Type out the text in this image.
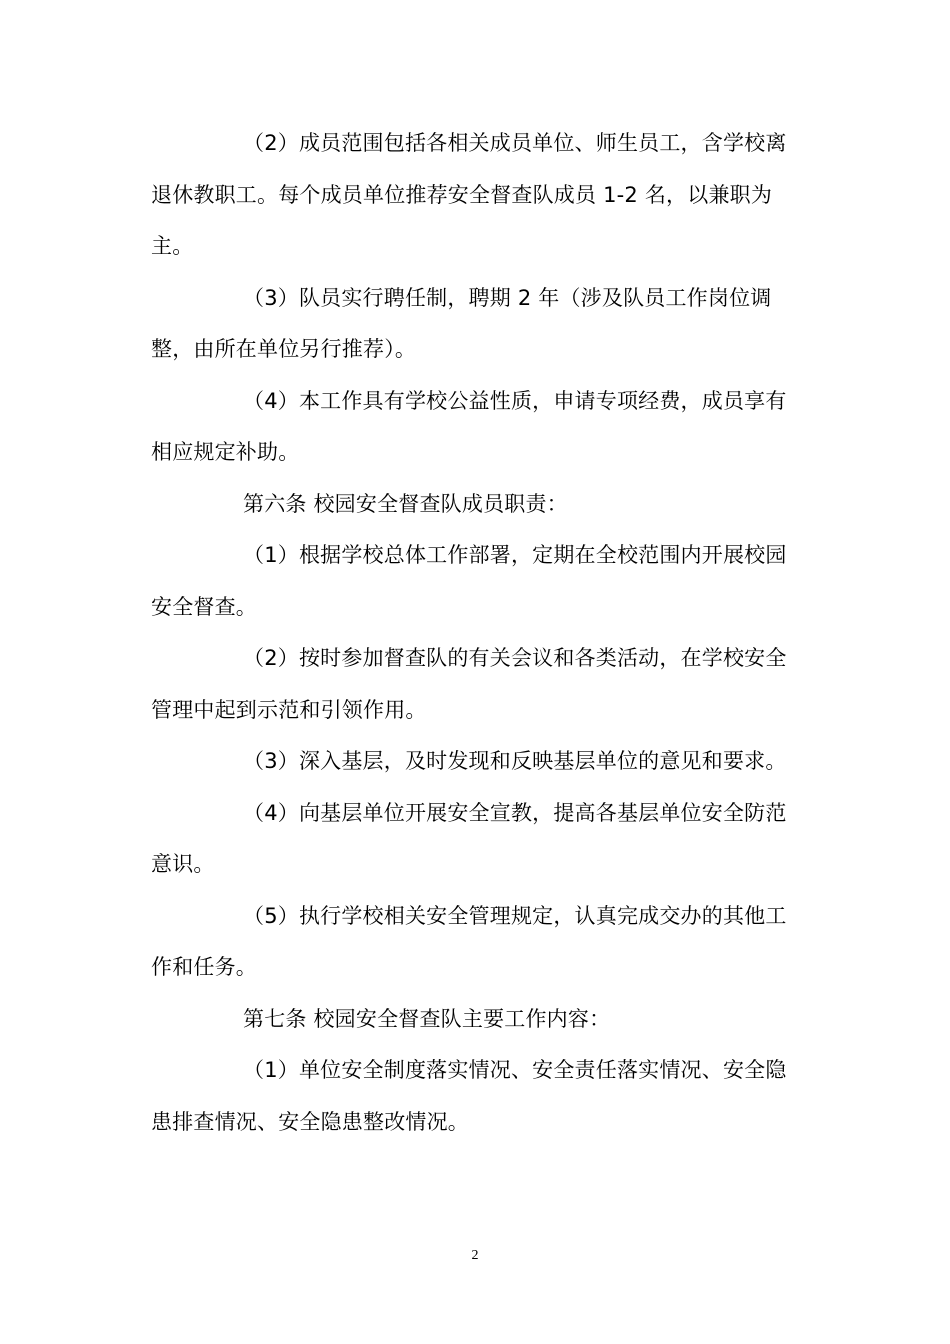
（2）成员范围包括各相关成员单位、师生员工，含学校离退休教职工。每个成员单位推荐安全督查队成员 1-2 名，以兼职为主。

（3）队员实行聘任制，聘期 2 年（涉及队员工作岗位调整，由所在单位另行推荐）。

（4）本工作具有学校公益性质，申请专项经费，成员享有相应规定补助。

第六条 校园安全督查队成员职责：

（1）根据学校总体工作部署，定期在全校范围内开展校园安全督查。

（2）按时参加督查队的有关会议和各类活动，在学校安全管理中起到示范和引领作用。

（3）深入基层，及时发现和反映基层单位的意见和要求。

（4）向基层单位开展安全宣教，提高各基层单位安全防范意识。

（5）执行学校相关安全管理规定，认真完成交办的其他工作和任务。

第七条 校园安全督查队主要工作内容：

（1）单位安全制度落实情况、安全责任落实情况、安全隐患排查情况、安全隐患整改情况。

2
